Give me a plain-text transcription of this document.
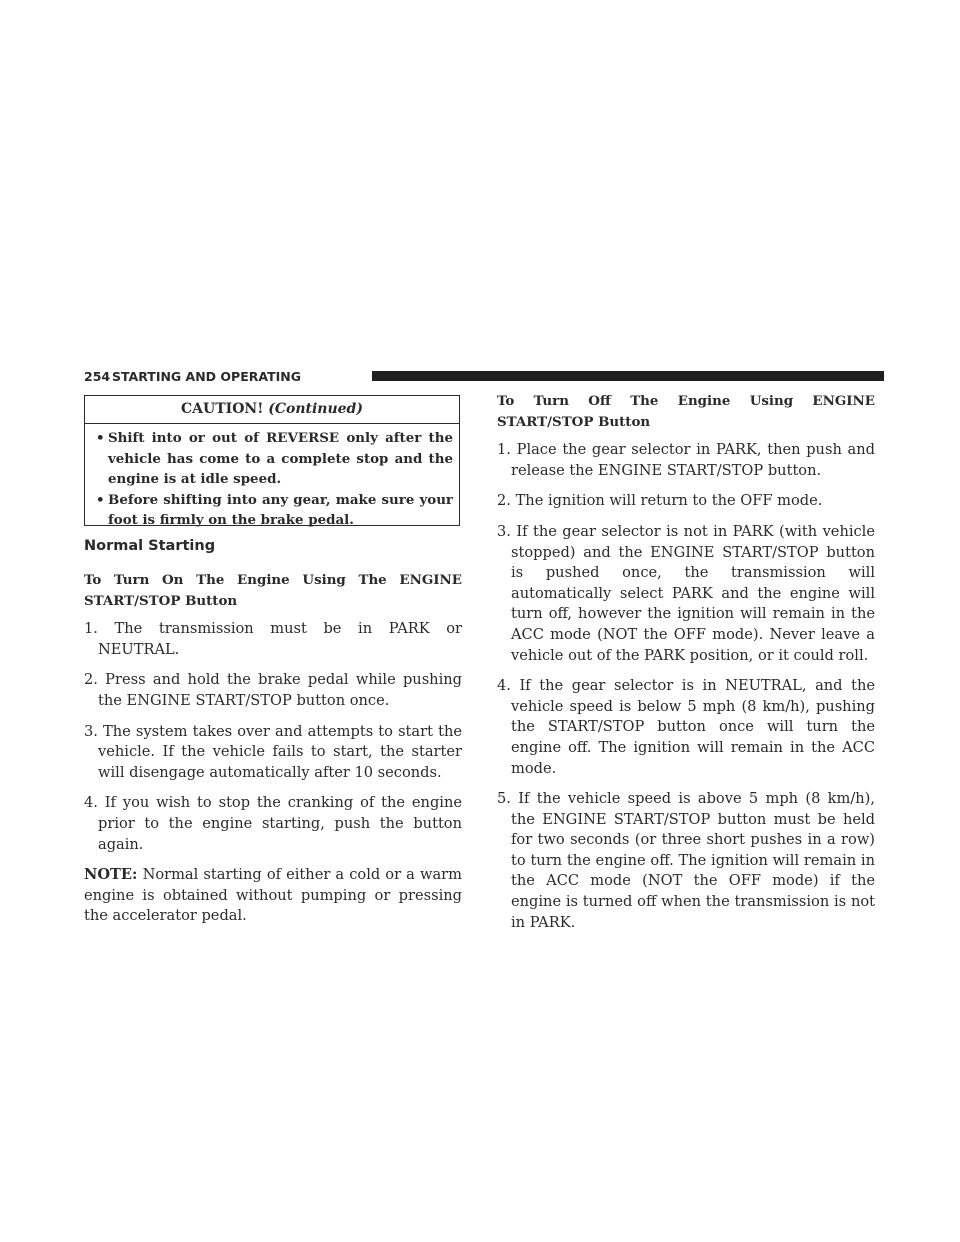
254 STARTING AND OPERATING
CAUTION! (Continued)
• Shift into or out of REVERSE only after the vehicle has come to a complete stop and the engine is at idle speed.
• Before shifting into any gear, make sure your foot is firmly on the brake pedal.
Normal Starting
To Turn On The Engine Using The ENGINE START/STOP Button

1. The transmission must be in PARK or NEUTRAL.

2. Press and hold the brake pedal while pushing the ENGINE START/STOP button once.

3. The system takes over and attempts to start the vehicle. If the vehicle fails to start, the starter will disengage automatically after 10 seconds.

4. If you wish to stop the cranking of the engine prior to the engine starting, push the button again.

NOTE: Normal starting of either a cold or a warm engine is obtained without pumping or pressing the accelerator pedal.

To Turn Off The Engine Using ENGINE START/STOP Button

1. Place the gear selector in PARK, then push and release the ENGINE START/STOP button.

2. The ignition will return to the OFF mode.

3. If the gear selector is not in PARK (with vehicle stopped) and the ENGINE START/STOP button is pushed once, the transmission will automatically select PARK and the engine will turn off, however the ignition will remain in the ACC mode (NOT the OFF mode). Never leave a vehicle out of the PARK position, or it could roll.

4. If the gear selector is in NEUTRAL, and the vehicle speed is below 5 mph (8 km/h), pushing the START/STOP button once will turn the engine off. The ignition will remain in the ACC mode.

5. If the vehicle speed is above 5 mph (8 km/h), the ENGINE START/STOP button must be held for two seconds (or three short pushes in a row) to turn the engine off. The ignition will remain in the ACC mode (NOT the OFF mode) if the engine is turned off when the transmission is not in PARK.
